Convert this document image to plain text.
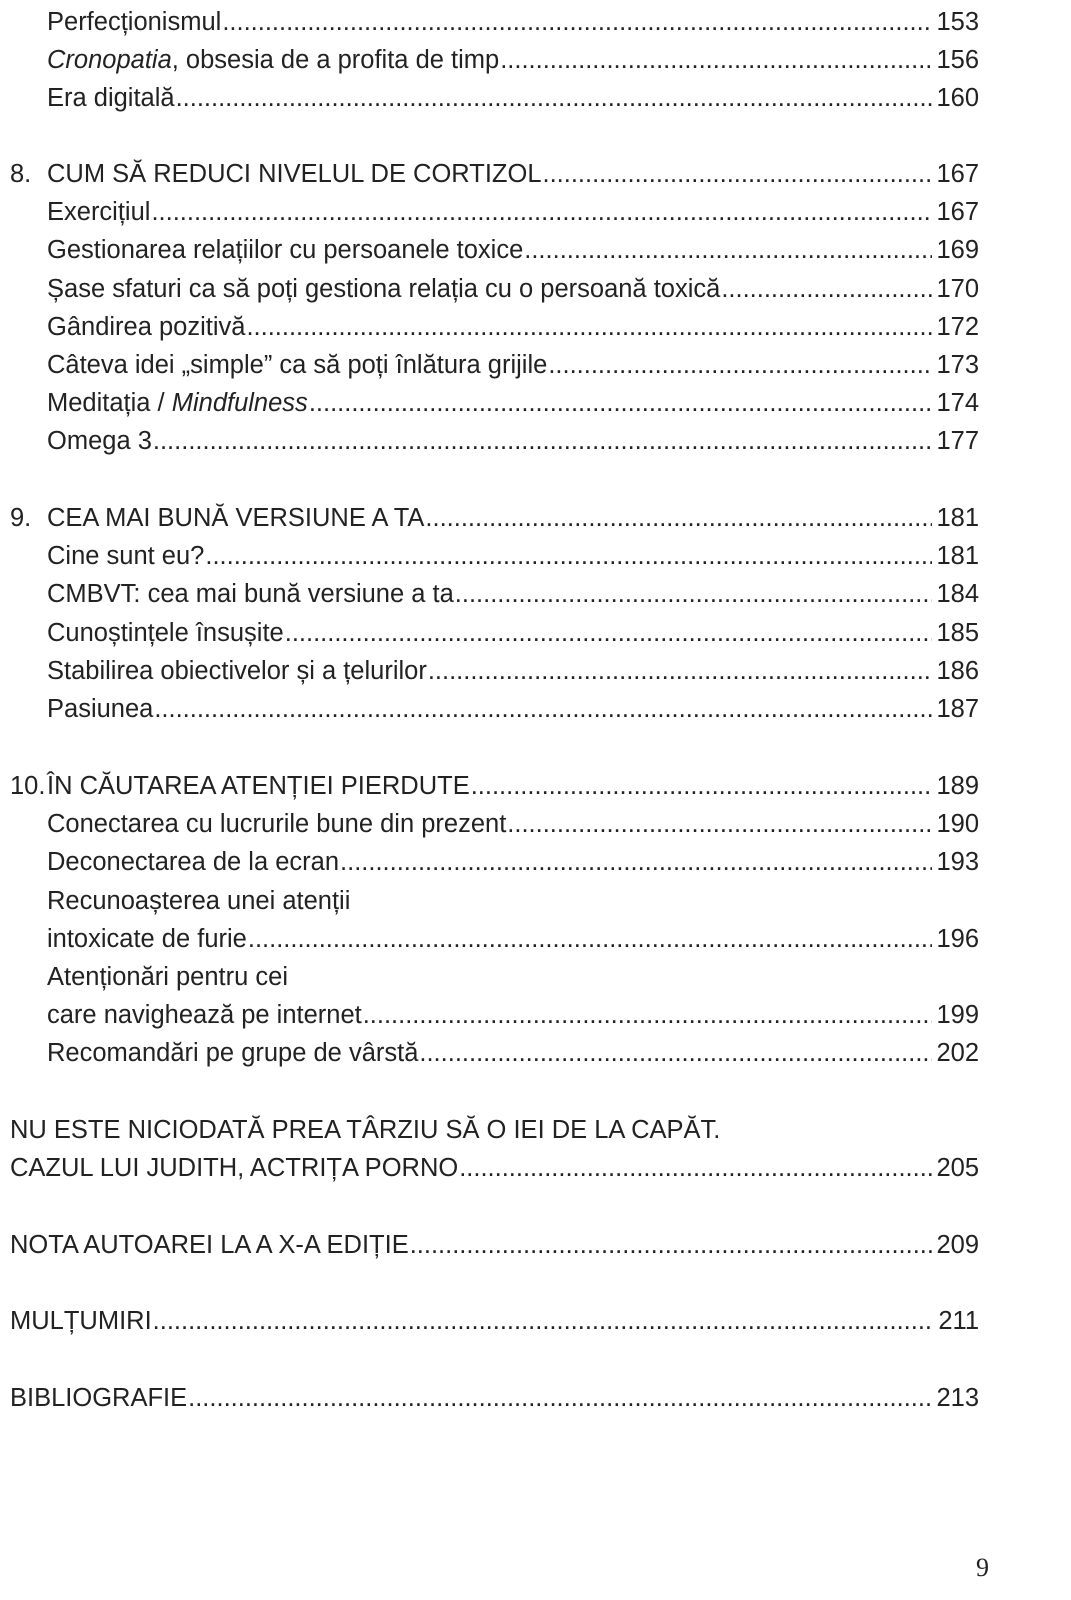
Perfecționismul .....	153
Cronopatia, obsesia de a profita de timp .....	156
Era digitală .....	160
8. CUM SĂ REDUCI NIVELUL DE CORTIZOL .....	167
Exercițiul .....	167
Gestionarea relațiilor cu persoanele toxice .....	169
Șase sfaturi ca să poți gestiona relația cu o persoană toxică .....	170
Gândirea pozitivă .....	172
Câteva idei „simple” ca să poți înlătura grijile .....	173
Meditația / Mindfulness .....	174
Omega 3 .....	177
9. CEA MAI BUNĂ VERSIUNE A TA .....	181
Cine sunt eu? .....	181
CMBVT: cea mai bună versiune a ta .....	184
Cunoștințele însușite .....	185
Stabilirea obiectivelor și a țelurilor .....	186
Pasiunea .....	187
10. ÎN CĂUTAREA ATENȚIEI PIERDUTE .....	189
Conectarea cu lucrurile bune din prezent .....	190
Deconectarea de la ecran .....	193
Recunoașterea unei atenții
intoxicate de furie .....	196
Atenționări pentru cei
care navighează pe internet .....	199
Recomandări pe grupe de vârstă .....	202
NU ESTE NICIODATĂ PREA TÂRZIU SĂ O IEI DE LA CAPĂT.
CAZUL LUI JUDITH, ACTRIȚA PORNO .....	205
NOTA AUTOAREI LA A X-A EDIȚIE .....	209
MULȚUMIRI .....	211
BIBLIOGRAFIE .....	213
9
